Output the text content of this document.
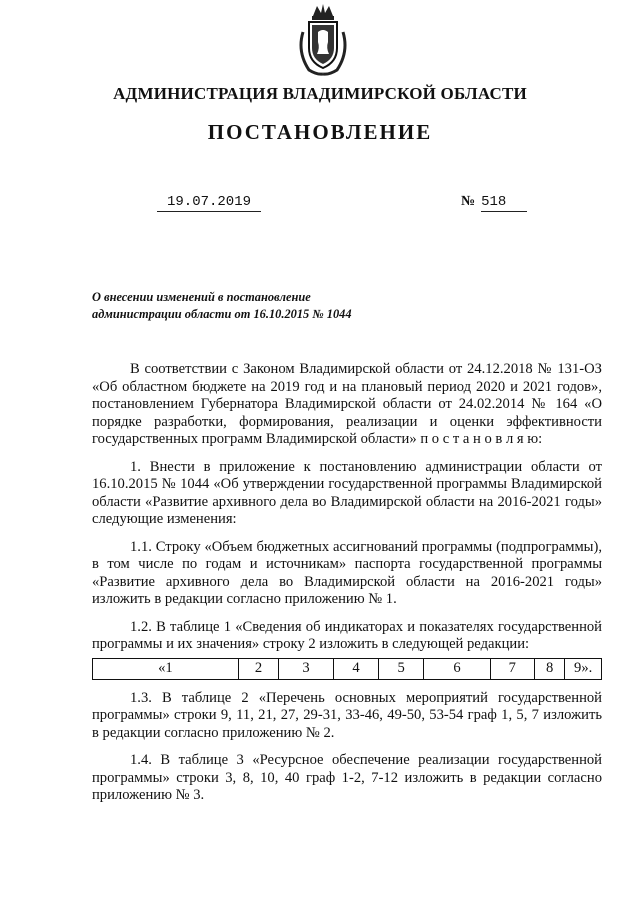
АДМИНИСТРАЦИЯ ВЛАДИМИРСКОЙ ОБЛАСТИ
ПОСТАНОВЛЕНИЕ
19.07.2019	№ 518
О внесении изменений в постановление
администрации области от 16.10.2015 № 1044

В соответствии с Законом Владимирской области от 24.12.2018 № 131-ОЗ «Об областном бюджете на 2019 год и на плановый период 2020 и 2021 годов», постановлением Губернатора Владимирской области от 24.02.2014 № 164 «О порядке разработки, формирования, реализации и оценки эффективности государственных программ Владимирской области» п о с т а н о в л я ю:

1. Внести в приложение к постановлению администрации области от 16.10.2015 № 1044 «Об утверждении государственной программы Владимирской области «Развитие архивного дела во Владимирской области на 2016-2021 годы» следующие изменения:

1.1. Строку «Объем бюджетных ассигнований программы (подпрограммы), в том числе по годам и источникам» паспорта государственной программы «Развитие архивного дела во Владимирской области на 2016-2021 годы» изложить в редакции согласно приложению № 1.

1.2. В таблице 1 «Сведения об индикаторах и показателях государственной программы и их значения» строку 2 изложить в следующей редакции:

«1	2	3	4	5	6	7	8	9».

1.3. В таблице 2 «Перечень основных мероприятий государственной программы» строки 9, 11, 21, 27, 29-31, 33-46, 49-50, 53-54 граф 1, 5, 7 изложить в редакции согласно приложению № 2.

1.4. В таблице 3 «Ресурсное обеспечение реализации государственной программы» строки 3, 8, 10, 40 граф 1-2, 7-12 изложить в редакции согласно приложению № 3.
